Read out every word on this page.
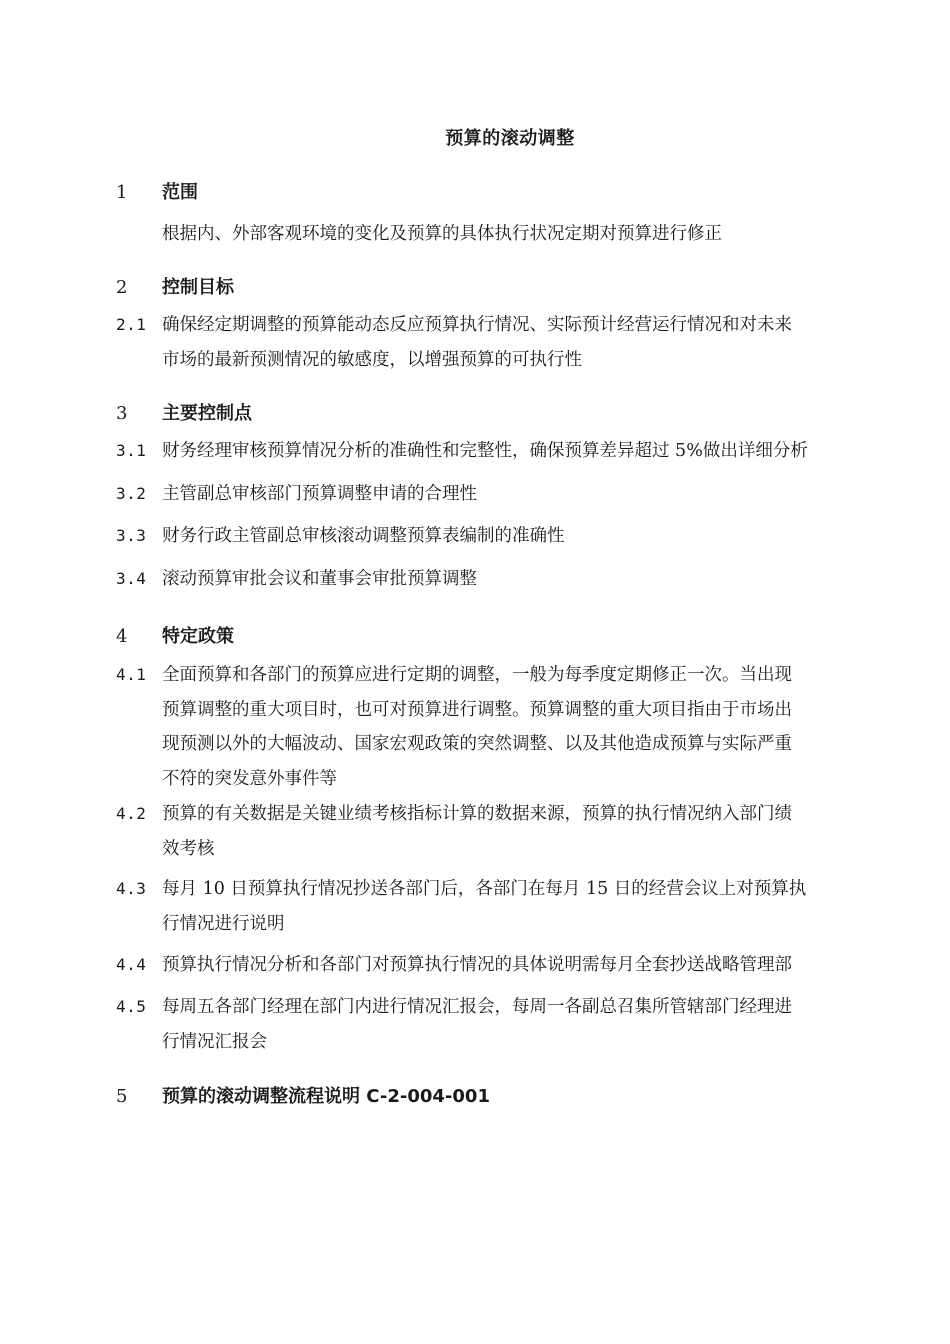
预算的滚动调整
1 范围
根据内、外部客观环境的变化及预算的具体执行状况定期对预算进行修正
2 控制目标
2.1 确保经定期调整的预算能动态反应预算执行情况、实际预计经营运行情况和对未来
市场的最新预测情况的敏感度，以增强预算的可执行性
3 主要控制点
3.1 财务经理审核预算情况分析的准确性和完整性，确保预算差异超过 5%做出详细分析
3.2 主管副总审核部门预算调整申请的合理性
3.3 财务行政主管副总审核滚动调整预算表编制的准确性
3.4 滚动预算审批会议和董事会审批预算调整
4 特定政策
4.1 全面预算和各部门的预算应进行定期的调整，一般为每季度定期修正一次。当出现
预算调整的重大项目时，也可对预算进行调整。预算调整的重大项目指由于市场出
现预测以外的大幅波动、国家宏观政策的突然调整、以及其他造成预算与实际严重
不符的突发意外事件等
4.2 预算的有关数据是关键业绩考核指标计算的数据来源，预算的执行情况纳入部门绩
效考核
4.3 每月 10 日预算执行情况抄送各部门后，各部门在每月 15 日的经营会议上对预算执
行情况进行说明
4.4 预算执行情况分析和各部门对预算执行情况的具体说明需每月全套抄送战略管理部
4.5 每周五各部门经理在部门内进行情况汇报会，每周一各副总召集所管辖部门经理进
行情况汇报会
5 预算的滚动调整流程说明 C-2-004-001
